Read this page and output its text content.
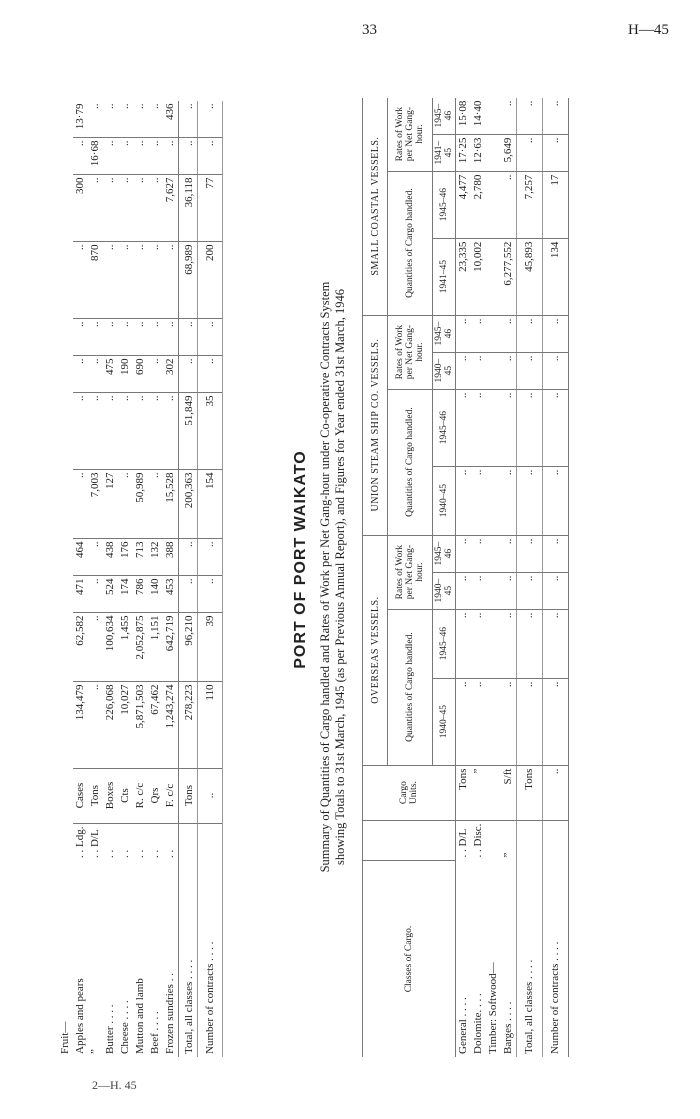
33	H—45
2—H. 45
Fruit—														
Apples and pears	. . Ldg.	Cases	134,479	62,582	471	464	..	..	..	..	..	300	..	13·79
”	. . D/L	Tons	..	..	..	..	7,003	..	..	..	870	..	16·68	..
Butter . . . .	. .	Boxes	226,068	100,634	524	438	127	..	475	..	..	..	..	..
Cheese . . . .	. .	Cts	10,027	1,455	174	176	..	..	190	..	..	..	..	..
Mutton and lamb	. .	R. c/c	5,871,503	2,052,875	786	713	50,989	..	690	..	..	..	..	..
Beef . . . .	. .	Qrs	67,462	1,151	140	132	..	..	..	..	..	..	..	..
Frozen sundries . .	. .	F. c/c	1,243,274	642,719	453	388	15,528	..	302	..	..	7,627	..	436
Total, all classes . . . .		Tons	278,223	96,210	..	..	200,363	51,849	..	..	68,989	36,118	..	..
Number of contracts . . . .		..	110	39	..	..	154	35	..	..	200	77	..	..
PORT OF PORT WAIKATO Summary of Quantities of Cargo handled and Rates of Work per Net Gang-hour under Co-operative Contracts System showing Totals to 31st March, 1945 (as per Previous Annual Report), and Figures for Year ended 31st March, 1946
Classes of Cargo.		Cargo Units.	OVERSEAS VESSELS.				UNION STEAM SHIP CO. VESSELS.				SMALL COASTAL VESSELS.			
			Quantities of Cargo handled.		Rates of Work per Net Gang-hour.		Quantities of Cargo handled.		Rates of Work per Net Gang-hour.		Quantities of Cargo handled.		Rates of Work per Net Gang-hour.	
			1940–45	1945–46	1940–45	1945–46	1940–45	1945–46	1940–45	1945–46	1941–45	1945–46	1941–45	1945–46
General . . . .	. . D/L	Tons	..	..	..	..	..	..	..	..	23,335	4,477	17·25	15·08
Dolomite. . . .	. . Disc.	”	..	..	..	..	..	..	..	..	10,002	2,780	12·63	14·40
Timber: Softwood—														
Barges . . . .	”	S/ft	..	..	..	..	..	..	..	..	6,277,552	..	5,649	..
Total, all classes . . . .		Tons	..	..	..	..	..	..	..	..	45,893	7,257	..	..
Number of contracts . . . .		..	..	..	..	..	..	..	..	..	134	17	..	..
